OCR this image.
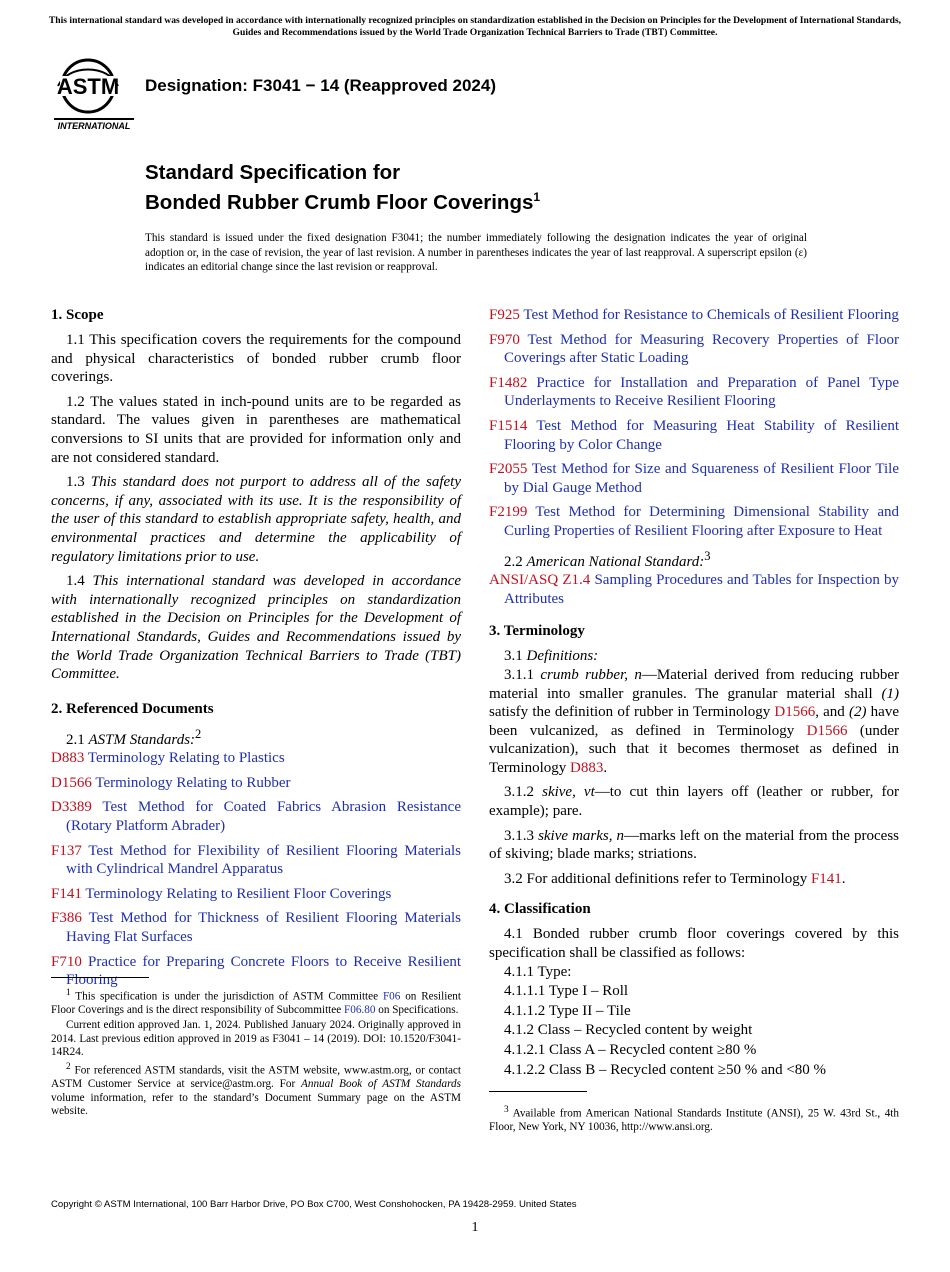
This international standard was developed in accordance with internationally recognized principles on standardization established in the Decision on Principles for the Development of International Standards, Guides and Recommendations issued by the World Trade Organization Technical Barriers to Trade (TBT) Committee.
ASTM
INTERNATIONAL
Designation: F3041 − 14 (Reapproved 2024)
Standard Specification for
Bonded Rubber Crumb Floor Coverings$^1$
This standard is issued under the fixed designation F3041; the number immediately following the designation indicates the year of original adoption or, in the case of revision, the year of last revision. A number in parentheses indicates the year of last reapproval. A superscript epsilon (ε) indicates an editorial change since the last revision or reapproval.
1. Scope

1.1 This specification covers the requirements for the compound and physical characteristics of bonded rubber crumb floor coverings.

1.2 The values stated in inch-pound units are to be regarded as standard. The values given in parentheses are mathematical conversions to SI units that are provided for information only and are not considered standard.

1.3 This standard does not purport to address all of the safety concerns, if any, associated with its use. It is the responsibility of the user of this standard to establish appropriate safety, health, and environmental practices and determine the applicability of regulatory limitations prior to use.

1.4 This international standard was developed in accordance with internationally recognized principles on standardization established in the Decision on Principles for the Development of International Standards, Guides and Recommendations issued by the World Trade Organization Technical Barriers to Trade (TBT) Committee.

2. Referenced Documents

2.1 ASTM Standards:$^2$

D883 Terminology Relating to Plastics

D1566 Terminology Relating to Rubber

D3389 Test Method for Coated Fabrics Abrasion Resistance (Rotary Platform Abrader)

F137 Test Method for Flexibility of Resilient Flooring Materials with Cylindrical Mandrel Apparatus

F141 Terminology Relating to Resilient Floor Coverings

F386 Test Method for Thickness of Resilient Flooring Materials Having Flat Surfaces

F710 Practice for Preparing Concrete Floors to Receive Resilient Flooring

F925 Test Method for Resistance to Chemicals of Resilient Flooring

F970 Test Method for Measuring Recovery Properties of Floor Coverings after Static Loading

F1482 Practice for Installation and Preparation of Panel Type Underlayments to Receive Resilient Flooring

F1514 Test Method for Measuring Heat Stability of Resilient Flooring by Color Change

F2055 Test Method for Size and Squareness of Resilient Floor Tile by Dial Gauge Method

F2199 Test Method for Determining Dimensional Stability and Curling Properties of Resilient Flooring after Exposure to Heat

2.2 American National Standard:$^3$

ANSI/ASQ Z1.4 Sampling Procedures and Tables for Inspection by Attributes

3. Terminology

3.1 Definitions:

3.1.1 crumb rubber, n—Material derived from reducing rubber material into smaller granules. The granular material shall (1) satisfy the definition of rubber in Terminology D1566, and (2) have been vulcanized, as defined in Terminology D1566 (under vulcanization), such that it becomes thermoset as defined in Terminology D883.

3.1.2 skive, vt—to cut thin layers off (leather or rubber, for example); pare.

3.1.3 skive marks, n—marks left on the material from the process of skiving; blade marks; striations.

3.2 For additional definitions refer to Terminology F141.

4. Classification

4.1 Bonded rubber crumb floor coverings covered by this specification shall be classified as follows:

4.1.1 Type:
4.1.1.1 Type I – Roll
4.1.1.2 Type II – Tile
4.1.2 Class – Recycled content by weight
4.1.2.1 Class A – Recycled content ≥80 %
4.1.2.2 Class B – Recycled content ≥50 % and <80 %

$^1$ This specification is under the jurisdiction of ASTM Committee F06 on Resilient Floor Coverings and is the direct responsibility of Subcommittee F06.80 on Specifications.

Current edition approved Jan. 1, 2024. Published January 2024. Originally approved in 2014. Last previous edition approved in 2019 as F3041 – 14 (2019). DOI: 10.1520/F3041-14R24.

$^2$ For referenced ASTM standards, visit the ASTM website, www.astm.org, or contact ASTM Customer Service at service@astm.org. For Annual Book of ASTM Standards volume information, refer to the standard’s Document Summary page on the ASTM website.	$^3$ Available from American National Standards Institute (ANSI), 25 W. 43rd St., 4th Floor, New York, NY 10036, http://www.ansi.org.
Copyright © ASTM International, 100 Barr Harbor Drive, PO Box C700, West Conshohocken, PA 19428-2959. United States
1
